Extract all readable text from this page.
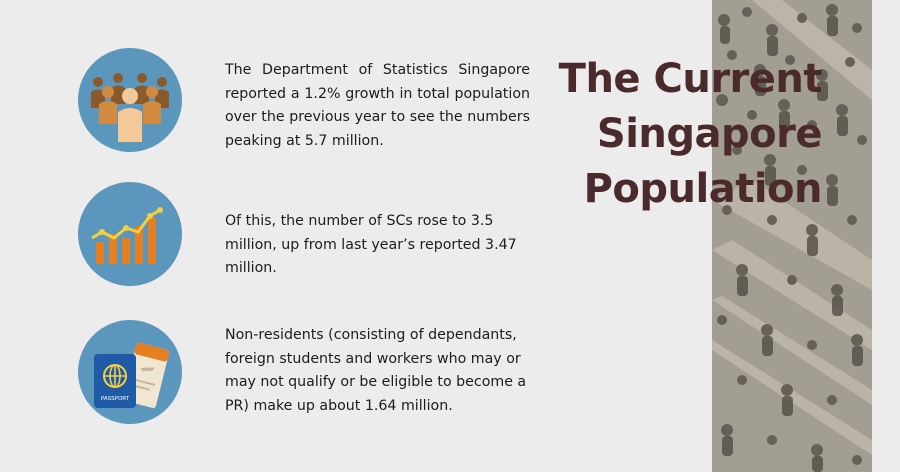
The Current
Singapore
Population
The Department of Statistics Singapore reported a 1.2% growth in total population over the previous year to see the numbers peaking at 5.7 million.
Of this, the number of SCs rose to 3.5 million, up from last year’s reported 3.47 million.
PASSPORT
Non-residents (consisting of dependants, foreign students and workers who may or may not qualify or be eligible to become a PR) make up about 1.64 million.
